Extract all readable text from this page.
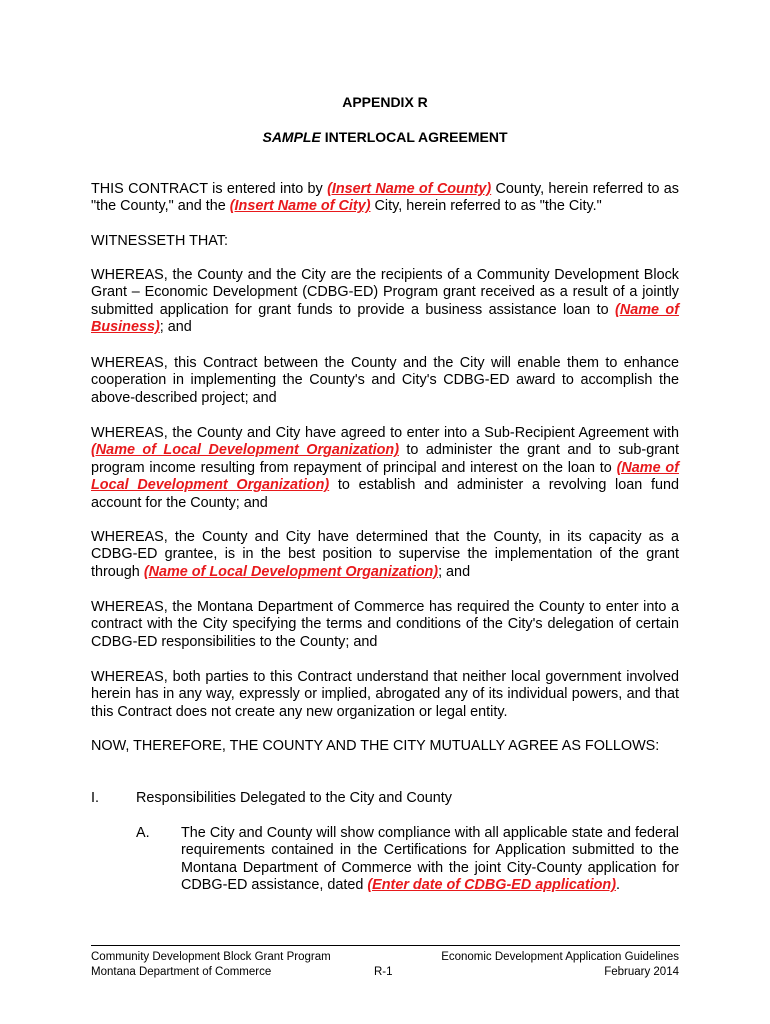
APPENDIX R
SAMPLE INTERLOCAL AGREEMENT
THIS CONTRACT is entered into by (Insert Name of County) County, herein referred to as "the County," and the (Insert Name of City) City, herein referred to as "the City."
WITNESSETH THAT:
WHEREAS, the County and the City are the recipients of a Community Development Block Grant – Economic Development (CDBG-ED) Program grant received as a result of a jointly submitted application for grant funds to provide a business assistance loan to (Name of Business); and
WHEREAS, this Contract between the County and the City will enable them to enhance cooperation in implementing the County's and City's CDBG-ED award to accomplish the above-described project; and
WHEREAS, the County and City have agreed to enter into a Sub-Recipient Agreement with (Name of Local Development Organization) to administer the grant and to sub-grant program income resulting from repayment of principal and interest on the loan to (Name of Local Development Organization) to establish and administer a revolving loan fund account for the County; and
WHEREAS, the County and City have determined that the County, in its capacity as a CDBG-ED grantee, is in the best position to supervise the implementation of the grant through (Name of Local Development Organization); and
WHEREAS, the Montana Department of Commerce has required the County to enter into a contract with the City specifying the terms and conditions of the City's delegation of certain CDBG-ED responsibilities to the County; and
WHEREAS, both parties to this Contract understand that neither local government involved herein has in any way, expressly or implied, abrogated any of its individual powers, and that this Contract does not create any new organization or legal entity.
NOW, THEREFORE, THE COUNTY AND THE CITY MUTUALLY AGREE AS FOLLOWS:
I.	Responsibilities Delegated to the City and County
A. The City and County will show compliance with all applicable state and federal requirements contained in the Certifications for Application submitted to the Montana Department of Commerce with the joint City-County application for CDBG-ED assistance, dated (Enter date of CDBG-ED application).
Community Development Block Grant Program
Montana Department of Commerce	R-1
Economic Development Application Guidelines
February 2014
